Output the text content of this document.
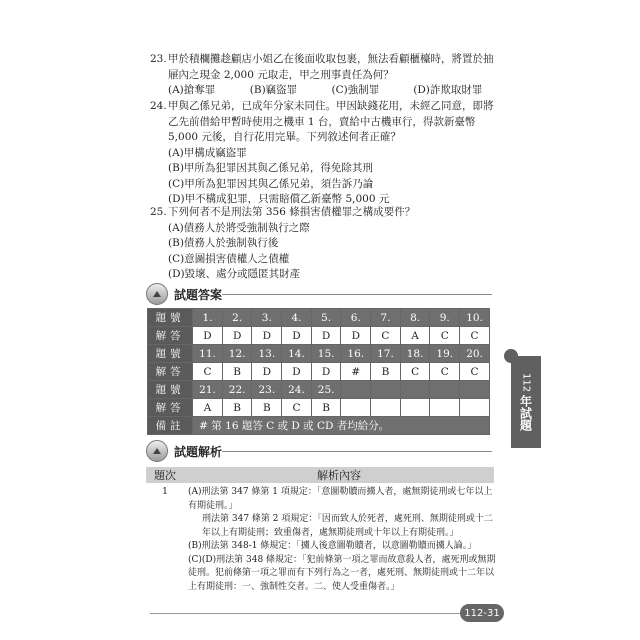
23. 甲於積欄攤趁顧店小姐乙在後面收取包裹，無法看顧櫃檯時，將置於抽屜內之現金 2,000 元取走，甲之刑事責任為何？
(A)搶奪罪	(B)竊盜罪	(C)強制罪	(D)詐欺取財罪
24. 甲與乙係兄弟，已成年分家未同住。甲因缺錢花用，未經乙同意，即將乙先前借給甲暫時使用之機車 1 台，賣給中古機車行，得款新臺幣 5,000 元後，自行花用完畢。下列敘述何者正確？
(A)甲構成竊盜罪
(B)甲所為犯罪因其與乙係兄弟，得免除其刑
(C)甲所為犯罪因其與乙係兄弟，須告訴乃論
(D)甲不構成犯罪，只需賠償乙新臺幣 5,000 元
25. 下列何者不是刑法第 356 條損害債權罪之構成要件？
(A)債務人於將受強制執行之際
(B)債務人於強制執行後
(C)意圖損害債權人之債權
(D)毀壞、處分或隱匿其財產
試題答案
題號	1.	2.	3.	4.	5.	6.	7.	8.	9.	10.
解答	D	D	D	D	D	D	C	A	C	C
題號	11.	12.	13.	14.	15.	16.	17.	18.	19.	20.
解答	C	B	D	D	D	#	B	C	C	C
題號	21.	22.	23.	24.	25.					
解答	A	B	B	C	B					
備註	# 第 16 題答 C 或 D 或 CD 者均給分。									
試題解析
題次	解析內容
1 (A)刑法第 347 條第 1 項規定：「意圖勒贖而擄人者，處無期徒刑或七年以上有期徒刑。」
刑法第 347 條第 2 項規定：「因而致人於死者，處死刑、無期徒刑或十二年以上有期徒刑；致重傷者，處無期徒刑或十年以上有期徒刑。」
(B)刑法第 348-1 條規定：「擄人後意圖勒贖者，以意圖勒贖而擄人論。」
(C)(D)刑法第 348 條規定：「犯前條第一項之罪而故意殺人者，處死刑或無期徒刑。犯前條第一項之罪而有下列行為之一者，處死刑、無期徒刑或十二年以上有期徒刑：一、強制性交者。二、使人受重傷者。」
112
年試題
112-31
